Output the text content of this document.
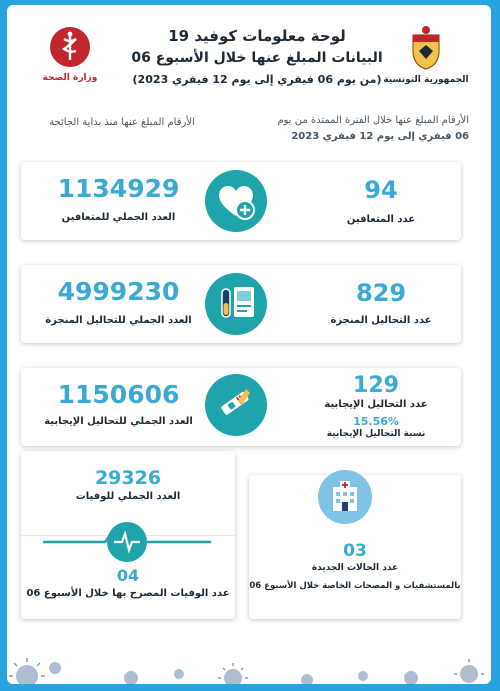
وزارة الصحة	الجمهورية التونسية
لوحة معلومات كوفيد 19
البيانات المبلغ عنها خلال الأسبوع 06
(من يوم 06 فيفري إلى يوم 12 فيفري 2023)
الأرقام المبلغ عنها منذ بداية الجائحة	الأرقام المبلغ عنها خلال الفترة الممتدة من يوم
06 فيفري إلى يوم 12 فيفري 2023
1134929
العدد الجملي للمتعافين
94
عدد المتعافين
4999230
العدد الجملي للتحاليل المنجزة
829
عدد التحاليل المنجزة
1150606
العدد الجملي للتحاليل الإيجابية
129
عدد التحاليل الإيجابية
15.56%
نسبة التحاليل الإيجابية
29326
العدد الجملي للوفيات
04
عدد الوفيات المصرح بها خلال الأسبوع 06
03
عدد الحالات الجديدة
بالمستشفيات و المصحات الخاصة خلال الأسبوع 06
